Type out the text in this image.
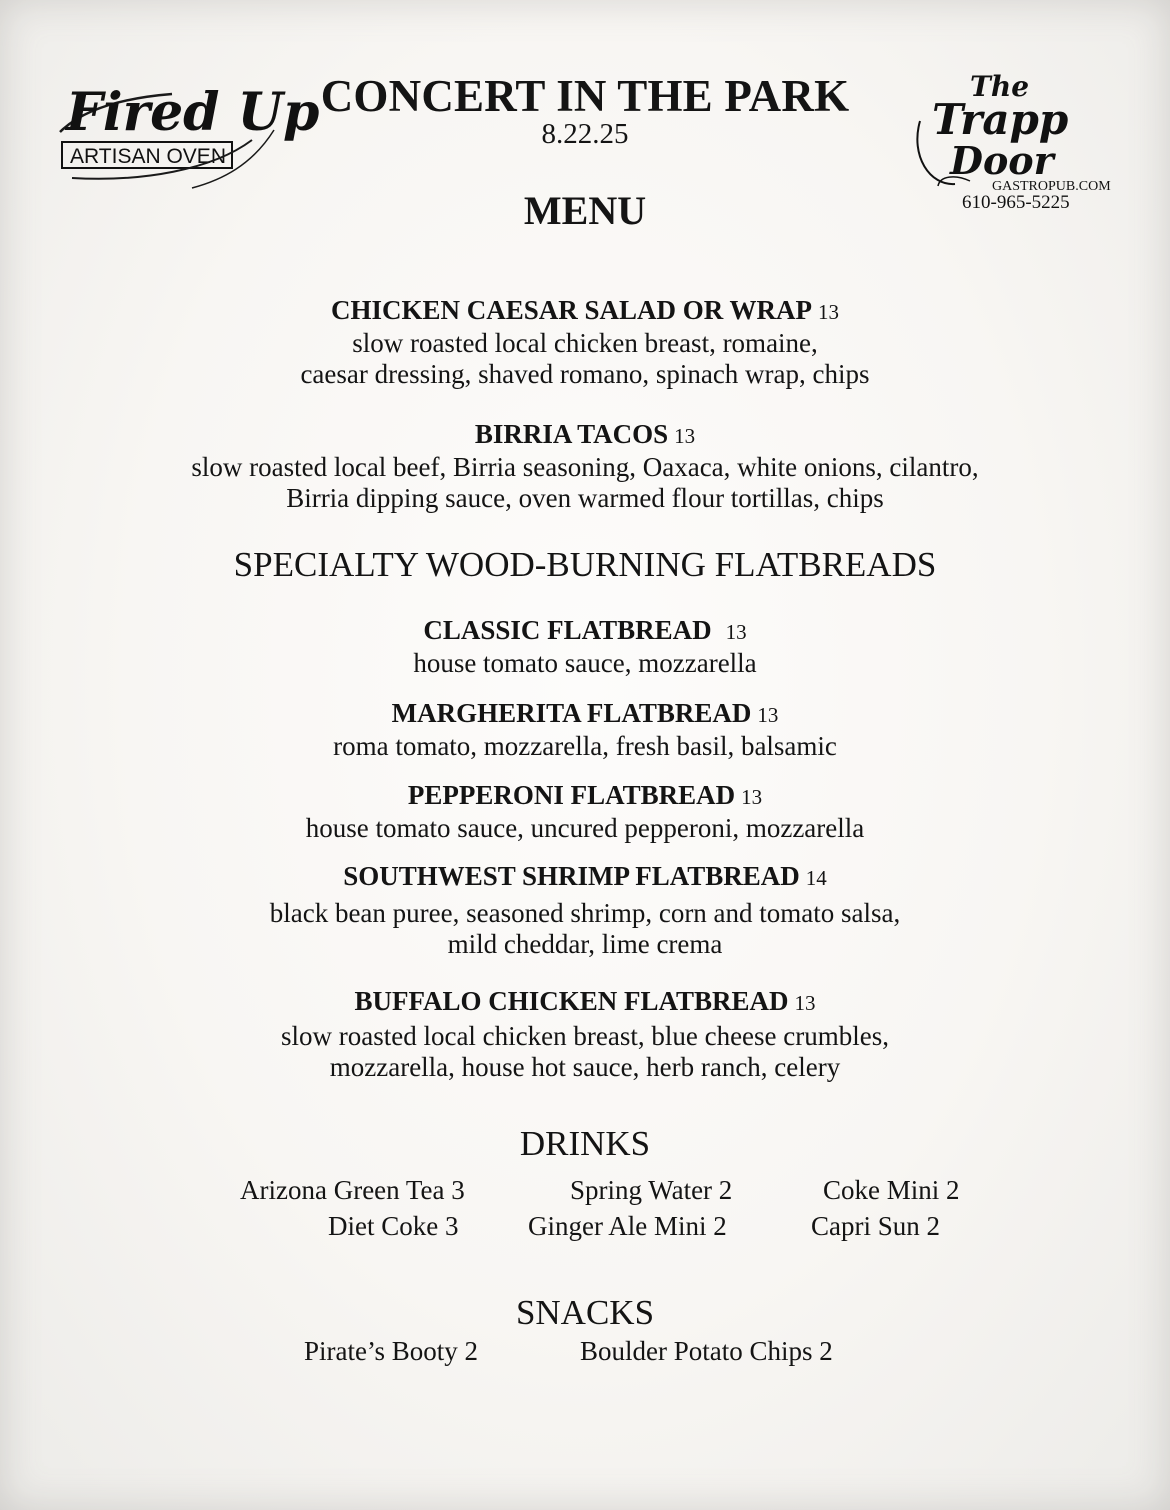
Fired Up
ARTISAN OVEN
The
Trapp
Door
GASTROPUB.COM
610-965-5225
CONCERT IN THE PARK
8.22.25
MENU
CHICKEN CAESAR SALAD OR WRAP 13
slow roasted local chicken breast, romaine,
caesar dressing, shaved romano, spinach wrap, chips
BIRRIA TACOS 13
slow roasted local beef, Birria seasoning, Oaxaca, white onions, cilantro,
Birria dipping sauce, oven warmed flour tortillas, chips
SPECIALTY WOOD-BURNING FLATBREADS
CLASSIC FLATBREAD 13
house tomato sauce, mozzarella
MARGHERITA FLATBREAD 13
roma tomato, mozzarella, fresh basil, balsamic
PEPPERONI FLATBREAD 13
house tomato sauce, uncured pepperoni, mozzarella
SOUTHWEST SHRIMP FLATBREAD 14
black bean puree, seasoned shrimp, corn and tomato salsa,
mild cheddar, lime crema
BUFFALO CHICKEN FLATBREAD 13
slow roasted local chicken breast, blue cheese crumbles,
mozzarella, house hot sauce, herb ranch, celery
DRINKS
Arizona Green Tea 3	Spring Water 2	Coke Mini 2
Diet Coke 3	Ginger Ale Mini 2	Capri Sun 2
SNACKS
Pirate’s Booty 2	Boulder Potato Chips 2
